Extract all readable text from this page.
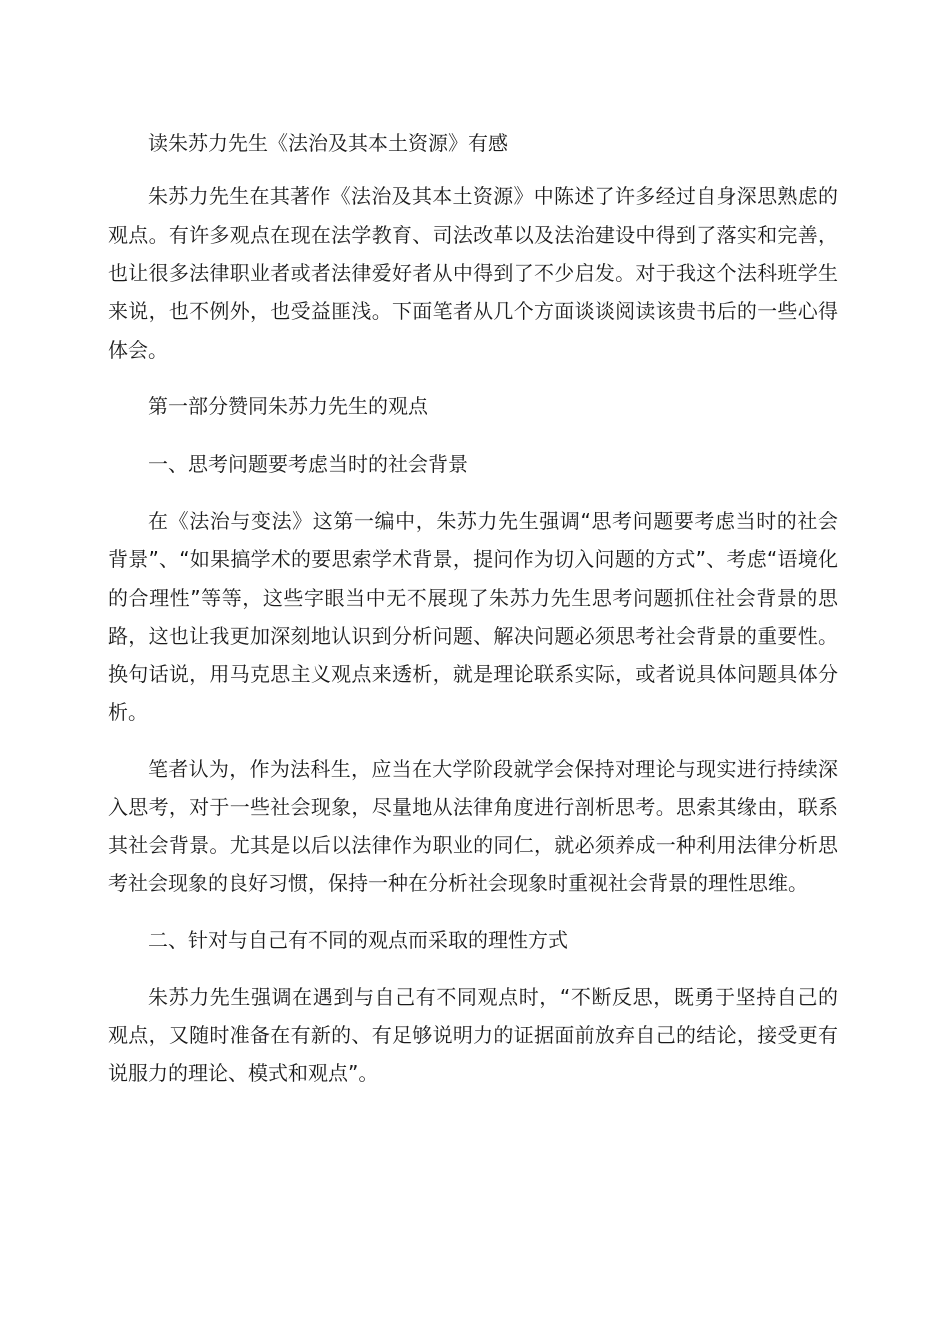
读朱苏力先生《法治及其本土资源》有感

朱苏力先生在其著作《法治及其本土资源》中陈述了许多经过自身深思熟虑的

观点。有许多观点在现在法学教育、司法改革以及法治建设中得到了落实和完善，

也让很多法律职业者或者法律爱好者从中得到了不少启发。对于我这个法科班学生

来说，也不例外，也受益匪浅。下面笔者从几个方面谈谈阅读该贵书后的一些心得

体会。

第一部分赞同朱苏力先生的观点

一、思考问题要考虑当时的社会背景

在《法治与变法》这第一编中，朱苏力先生强调“思考问题要考虑当时的社会

背景”、“如果搞学术的要思索学术背景，提问作为切入问题的方式”、考虑“语境化

的合理性”等等，这些字眼当中无不展现了朱苏力先生思考问题抓住社会背景的思

路，这也让我更加深刻地认识到分析问题、解决问题必须思考社会背景的重要性。

换句话说，用马克思主义观点来透析，就是理论联系实际，或者说具体问题具体分

析。

笔者认为，作为法科生，应当在大学阶段就学会保持对理论与现实进行持续深

入思考，对于一些社会现象，尽量地从法律角度进行剖析思考。思索其缘由，联系

其社会背景。尤其是以后以法律作为职业的同仁，就必须养成一种利用法律分析思

考社会现象的良好习惯，保持一种在分析社会现象时重视社会背景的理性思维。

二、针对与自己有不同的观点而采取的理性方式

朱苏力先生强调在遇到与自己有不同观点时，“不断反思，既勇于坚持自己的

观点，又随时准备在有新的、有足够说明力的证据面前放弃自己的结论，接受更有

说服力的理论、模式和观点”。
